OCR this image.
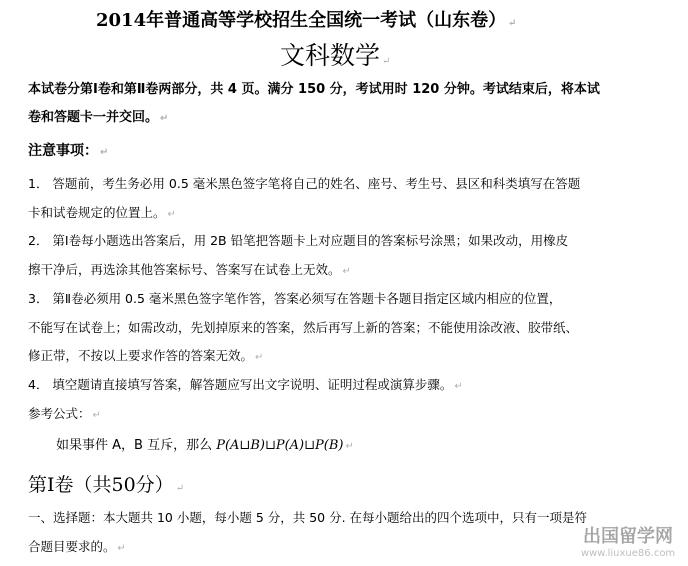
2014年普通高等学校招生全国统一考试（山东卷） ↵
文科数学 ↵
本试卷分第Ⅰ卷和第Ⅱ卷两部分，共 4 页。满分 150 分，考试用时 120 分钟。考试结束后，将本试
卷和答题卡一并交回。 ↵
注意事项： ↵
1． 答题前，考生务必用 0.5 毫米黑色签字笔将自己的姓名、座号、考生号、县区和科类填写在答题
卡和试卷规定的位置上。 ↵
2． 第Ⅰ卷每小题选出答案后，用 2B 铅笔把答题卡上对应题目的答案标号涂黑；如果改动，用橡皮
擦干净后，再选涂其他答案标号、答案写在试卷上无效。 ↵
3． 第Ⅱ卷必须用 0.5 毫米黑色签字笔作答，答案必须写在答题卡各题目指定区域内相应的位置，
不能写在试卷上；如需改动，先划掉原来的答案，然后再写上新的答案；不能使用涂改液、胶带纸、
修正带，不按以上要求作答的答案无效。 ↵
4． 填空题请直接填写答案，解答题应写出文字说明、证明过程或演算步骤。 ↵
参考公式： ↵
如果事件 A，B 互斥，那么 P(A⊔B)⊔P(A)⊔P(B) ↵
第Ⅰ卷（共50分） ↵
一、选择题：本大题共 10 小题，每小题 5 分，共 50 分. 在每小题给出的四个选项中，只有一项是符
合题目要求的。 ↵
出国留学网
www.liuxue86.com
